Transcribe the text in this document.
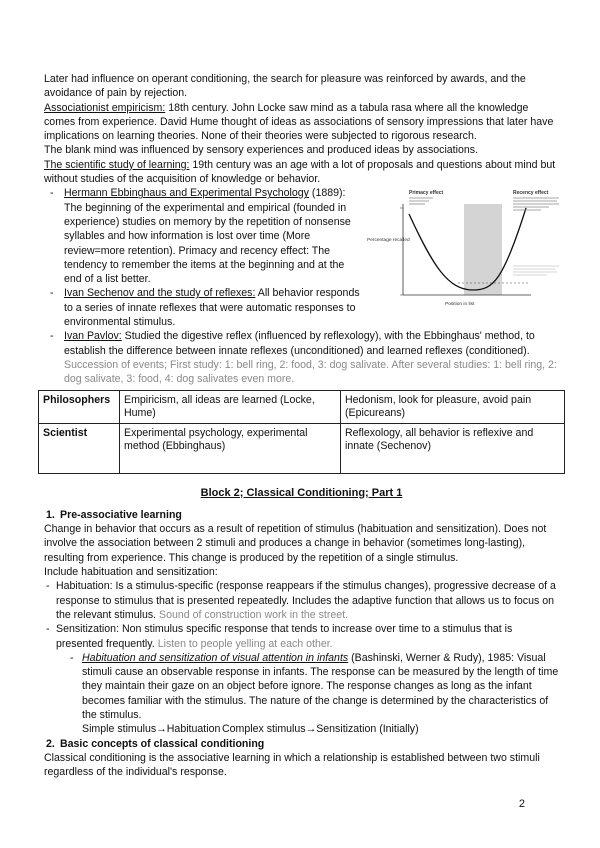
Later had influence on operant conditioning, the search for pleasure was reinforced by awards, and the avoidance of pain by rejection.

Associationist empiricism: 18th century. John Locke saw mind as a tabula rasa where all the knowledge comes from experience. David Hume thought of ideas as associations of sensory impressions that later have implications on learning theories. None of their theories were subjected to rigorous research.

The blank mind was influenced by sensory experiences and produced ideas by associations.

The scientific study of learning: 19th century was an age with a lot of proposals and questions about mind but without studies of the acquisition of knowledge or behavior.

Primacy effect	Recency effect
Percentage recalled
Position in list
- Hermann Ebbinghaus and Experimental Psychology (1889): The beginning of the experimental and empirical (founded in experience) studies on memory by the repetition of nonsense syllables and how information is lost over time (More review=more retention). Primacy and recency effect: The tendency to remember the items at the beginning and at the end of a list better.
- Ivan Sechenov and the study of reflexes: All behavior responds to a series of innate reflexes that were automatic responses to environmental stimulus.
- Ivan Pavlov: Studied the digestive reflex (influenced by reflexology), with the Ebbinghaus' method, to establish the difference between innate reflexes (unconditioned) and learned reflexes (conditioned).
Succession of events; First study: 1: bell ring, 2: food, 3: dog salivate. After several studies: 1: bell ring, 2: dog salivate, 3: food, 4: dog salivates even more.
Philosophers	Empiricism, all ideas are learned (Locke, Hume)	Hedonism, look for pleasure, avoid pain (Epicureans)
Scientist	Experimental psychology, experimental method (Ebbinghaus)	Reflexology, all behavior is reflexive and innate (Sechenov)
Block 2; Classical Conditioning; Part 1

1. Pre-associative learning

Change in behavior that occurs as a result of repetition of stimulus (habituation and sensitization). Does not involve the association between 2 stimuli and produces a change in behavior (sometimes long-lasting), resulting from experience. This change is produced by the repetition of a single stimulus.

Include habituation and sensitization:

- Habituation: Is a stimulus-specific (response reappears if the stimulus changes), progressive decrease of a response to stimulus that is presented repeatedly. Includes the adaptive function that allows us to focus on the relevant stimulus. Sound of construction work in the street.
- Sensitization: Non stimulus specific response that tends to increase over time to a stimulus that is presented frequently. Listen to people yelling at each other.
- Habituation and sensitization of visual attention in infants (Bashinski, Werner & Rudy), 1985: Visual stimuli cause an observable response in infants. The response can be measured by the length of time they maintain their gaze on an object before ignore. The response changes as long as the infant becomes familiar with the stimulus. The nature of the change is determined by the characteristics of the stimulus.
Simple stimulus→Habituation Complex stimulus→Sensitization (Initially)

2. Basic concepts of classical conditioning

Classical conditioning is the associative learning in which a relationship is established between two stimuli regardless of the individual's response.

2
